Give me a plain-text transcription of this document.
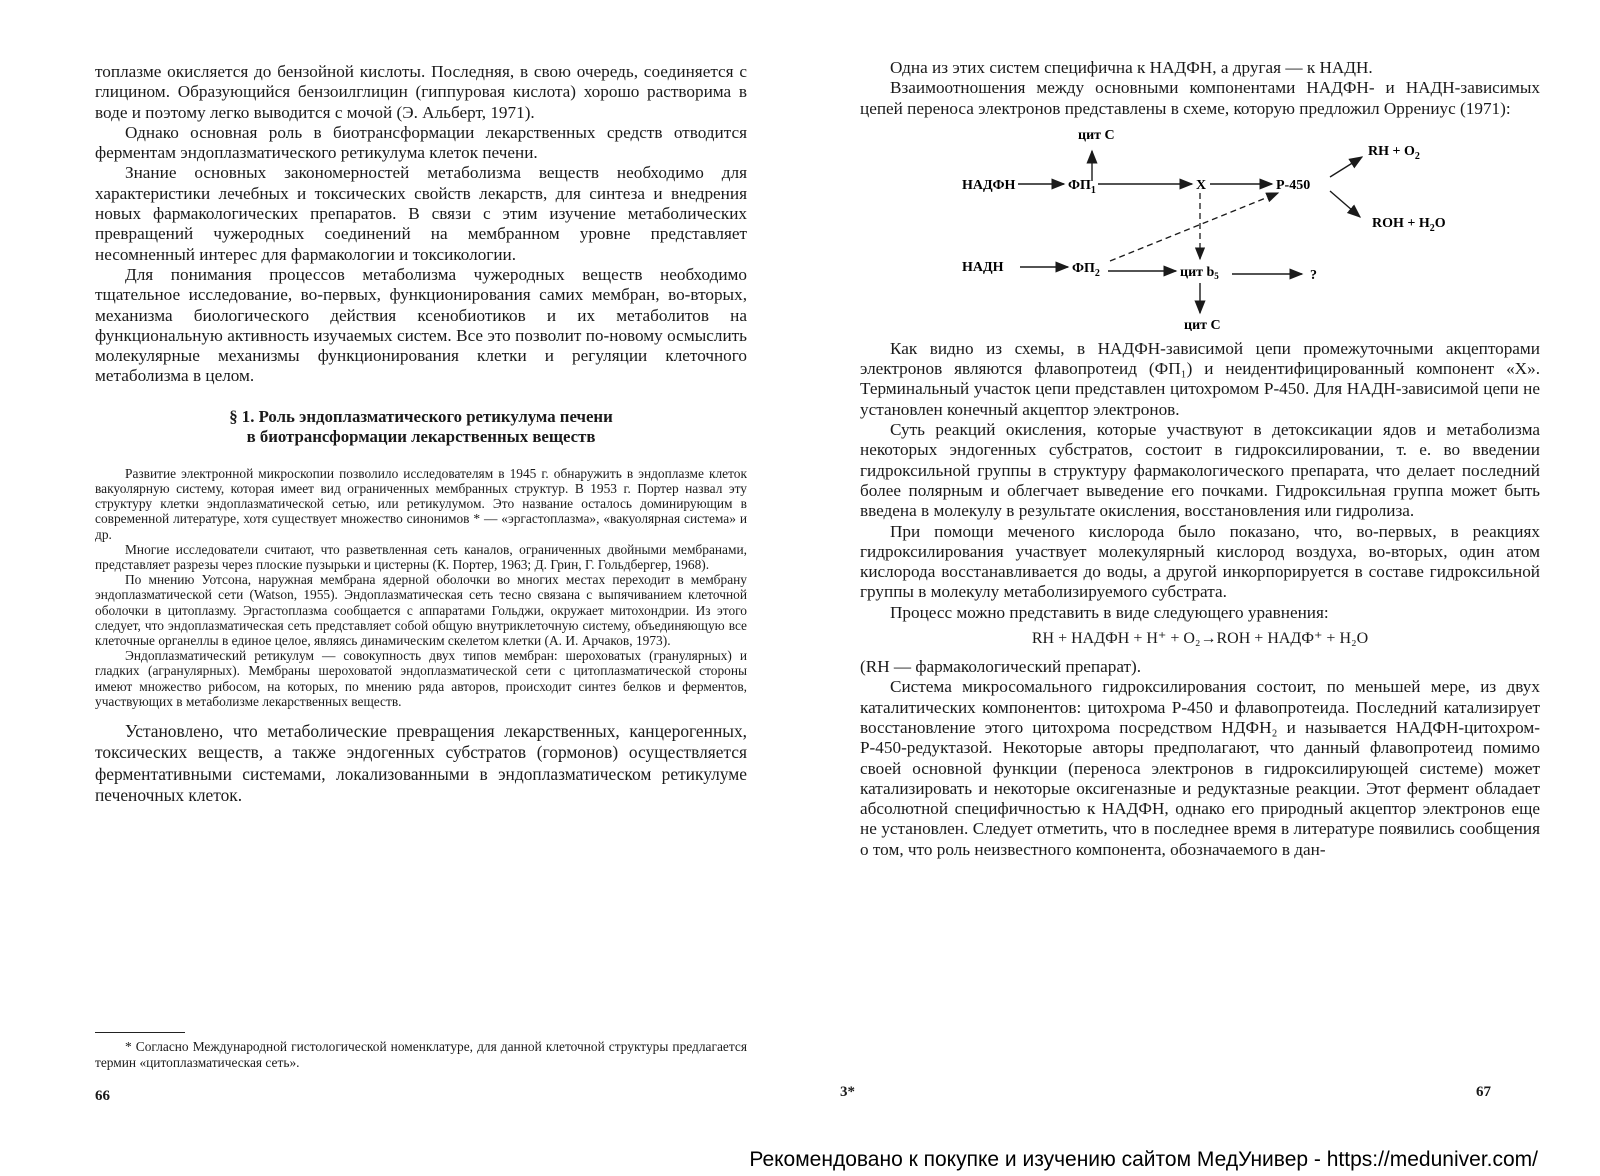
топлазме окисляется до бензойной кислоты. Последняя, в свою очередь, соединяется с глицином. Образующийся бензоилглицин (гиппуровая кислота) хорошо растворима в воде и поэтому легко выводится с мочой (Э. Альберт, 1971).

Однако основная роль в биотрансформации лекарственных средств отводится ферментам эндоплазматического ретикулума клеток печени.

Знание основных закономерностей метаболизма веществ необходимо для характеристики лечебных и токсических свойств лекарств, для синтеза и внедрения новых фармакологических препаратов. В связи с этим изучение метаболических превращений чужеродных соединений на мембранном уровне представляет несомненный интерес для фармакологии и токсикологии.

Для понимания процессов метаболизма чужеродных веществ необходимо тщательное исследование, во-первых, функционирования самих мембран, во-вторых, механизма биологического действия ксенобиотиков и их метаболитов на функциональную активность изучаемых систем. Все это позволит по-новому осмыслить молекулярные механизмы функционирования клетки и регуляции клеточного метаболизма в целом.

§ 1. Роль эндоплазматического ретикулума печени
в биотрансформации лекарственных веществ

Развитие электронной микроскопии позволило исследователям в 1945 г. обнаружить в эндоплазме клеток вакуолярную систему, которая имеет вид ограниченных мембранных структур. В 1953 г. Портер назвал эту структуру клетки эндоплазматической сетью, или ретикулумом. Это название осталось доминирующим в современной литературе, хотя существует множество синонимов * — «эргастоплазма», «вакуолярная система» и др.

Многие исследователи считают, что разветвленная сеть каналов, ограниченных двойными мембранами, представляет разрезы через плоские пузырьки и цистерны (К. Портер, 1963; Д. Грин, Г. Гольдбергер, 1968).

По мнению Уотсона, наружная мембрана ядерной оболочки во многих местах переходит в мембрану эндоплазматической сети (Watson, 1955). Эндоплазматическая сеть тесно связана с выпячиванием клеточной оболочки в цитоплазму. Эргастоплазма сообщается с аппаратами Гольджи, окружает митохондрии. Из этого следует, что эндоплазматическая сеть представляет собой общую внутриклеточную систему, объединяющую все клеточные органеллы в единое целое, являясь динамическим скелетом клетки (А. И. Арчаков, 1973).

Эндоплазматический ретикулум — совокупность двух типов мембран: шероховатых (гранулярных) и гладких (агранулярных). Мембраны шероховатой эндоплазматической сети с цитоплазматической стороны имеют множество рибосом, на которых, по мнению ряда авторов, происходит синтез белков и ферментов, участвующих в метаболизме лекарственных веществ.

Установлено, что метаболические превращения лекарственных, канцерогенных, токсических веществ, а также эндогенных субстратов (гормонов) осуществляется ферментативными системами, локализованными в эндоплазматическом ретикулуме печеночных клеток.

* Согласно Международной гистологической номенклатуре, для данной клеточной структуры предлагается термин «цитоплазматическая сеть».

66

Одна из этих систем специфична к НАДФН, а другая — к НАДН.

Взаимоотношения между основными компонентами НАДФН- и НАДН-зависимых цепей переноса электронов представлены в схеме, которую предложил Оррениус (1971):

цит С
НАДФН	$ФП_1$	X	Р-450
RH + $O_2$
ROH + $H_2O$
НАДН	$ФП_2$	цит $b_5$	?
цит С

Как видно из схемы, в НАДФН-зависимой цепи промежуточными акцепторами электронов являются флавопротеид (ФП₁) и неидентифицированный компонент «Х». Терминальный участок цепи представлен цитохромом Р-450. Для НАДН-зависимой цепи не установлен конечный акцептор электронов.

Суть реакций окисления, которые участвуют в детоксикации ядов и метаболизма некоторых эндогенных субстратов, состоит в гидроксилировании, т. е. во введении гидроксильной группы в структуру фармакологического препарата, что делает последний более полярным и облегчает выведение его почками. Гидроксильная группа может быть введена в молекулу в результате окисления, восстановления или гидролиза.

При помощи меченого кислорода было показано, что, во-первых, в реакциях гидроксилирования участвует молекулярный кислород воздуха, во-вторых, один атом кислорода восстанавливается до воды, а другой инкорпорируется в составе гидроксильной группы в молекулу метаболизируемого субстрата.

Процесс можно представить в виде следующего уравнения:

RH + НАДФН + H⁺ + O₂→ROH + НАДФ⁺ + H₂O

(RH — фармакологический препарат).

Система микросомального гидроксилирования состоит, по меньшей мере, из двух каталитических компонентов: цитохрома Р-450 и флавопротеида. Последний катализирует восстановление этого цитохрома посредством НДФН₂ и называется НАДФН-цитохром-Р-450-редуктазой. Некоторые авторы предполагают, что данный флавопротеид помимо своей основной функции (переноса электронов в гидроксилирующей системе) может катализировать и некоторые оксигеназные и редуктазные реакции. Этот фермент обладает абсолютной специфичностью к НАДФН, однако его природный акцептор электронов еще не установлен. Следует отметить, что в последнее время в литературе появились сообщения о том, что роль неизвестного компонента, обозначаемого в дан-

3*	67
Рекомендовано к покупке и изучению сайтом МедУнивер - https://meduniver.com/
